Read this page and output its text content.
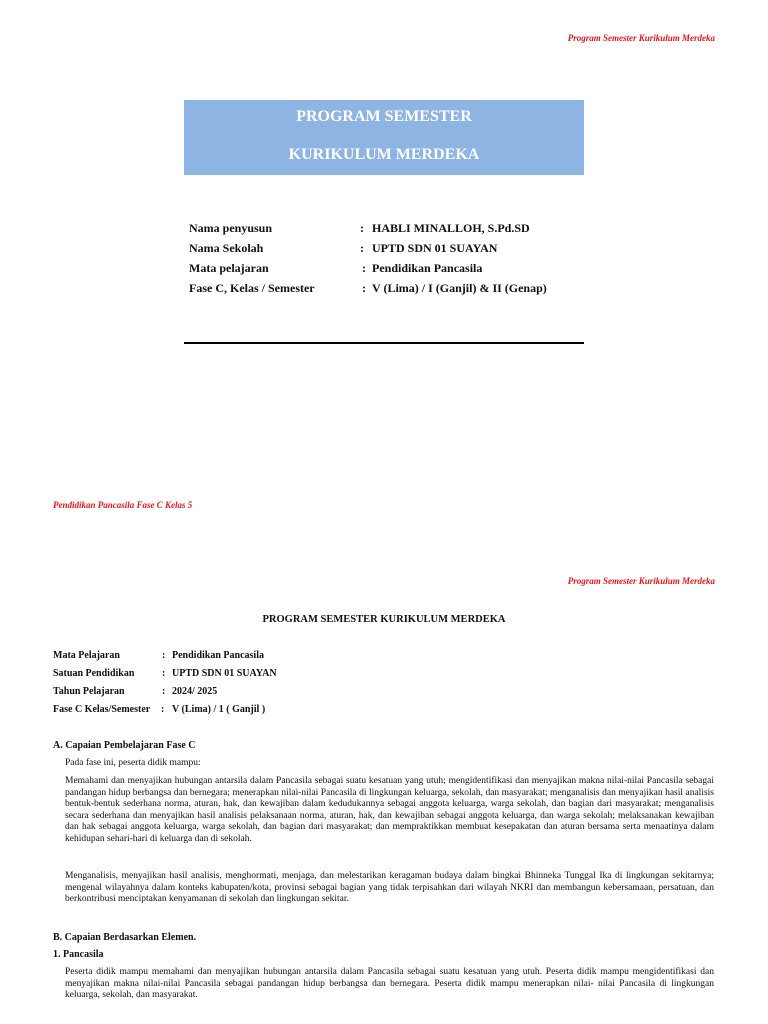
Program Semester Kurikulum Merdeka
PROGRAM SEMESTER
KURIKULUM MERDEKA
Nama penyusun	: HABLI MINALLOH, S.Pd.SD
Nama Sekolah	: UPTD SDN 01 SUAYAN
Mata pelajaran	: Pendidikan Pancasila
Fase C, Kelas / Semester	: V (Lima) / I (Ganjil) & II (Genap)
Pendidikan Pancasila Fase C Kelas 5
Program Semester Kurikulum Merdeka
PROGRAM SEMESTER KURIKULUM MERDEKA
Mata Pelajaran	: Pendidikan Pancasila
Satuan Pendidikan	: UPTD SDN 01 SUAYAN
Tahun Pelajaran	: 2024/ 2025
Fase C Kelas/Semester : V (Lima) / 1 ( Ganjil )
A. Capaian Pembelajaran Fase C
Pada fase ini, peserta didik mampu:
Memahami dan menyajikan hubungan antarsila dalam Pancasila sebagai suatu kesatuan yang utuh; mengidentifikasi dan menyajikan makna nilai-nilai Pancasila sebagai pandangan hidup berbangsa dan bernegara; menerapkan nilai-nilai Pancasila di lingkungan keluarga, sekolah, dan masyarakat; menganalisis dan menyajikan hasil analisis bentuk-bentuk sederhana norma, aturan, hak, dan kewajiban dalam kedudukannya sebagai anggota keluarga, warga sekolah, dan bagian dari masyarakat; menganalisis secara sederhana dan menyajikan hasil analisis pelaksanaan norma, aturan, hak, dan kewajiban sebagai anggota keluarga, dan warga sekolah; melaksanakan kewajiban dan hak sebagai anggota keluarga, warga sekolah, dan bagian dari masyarakat; dan mempraktikkan membuat kesepakatan dan aturan bersama serta menaatinya dalam kehidupan sehari-hari di keluarga dan di sekolah.
Menganalisis, menyajikan hasil analisis, menghormati, menjaga, dan melestarikan keragaman budaya dalam bingkai Bhinneka Tunggal Ika di lingkungan sekitarnya; mengenal wilayahnya dalam konteks kabupaten/kota, provinsi sebagai bagian yang tidak terpisahkan dari wilayah NKRI dan membangun kebersamaan, persatuan, dan berkontribusi menciptakan kenyamanan di sekolah dan lingkungan sekitar.
B. Capaian Berdasarkan Elemen.
1. Pancasila
Peserta didik mampu memahami dan menyajikan hubungan antarsila dalam Pancasila sebagai suatu kesatuan yang utuh. Peserta didik mampu mengidentifikasi dan menyajikan makna nilai-nilai Pancasila sebagai pandangan hidup berbangsa dan bernegara. Peserta didik mampu menerapkan nilai- nilai Pancasila di lingkungan keluarga, sekolah, dan masyarakat.
